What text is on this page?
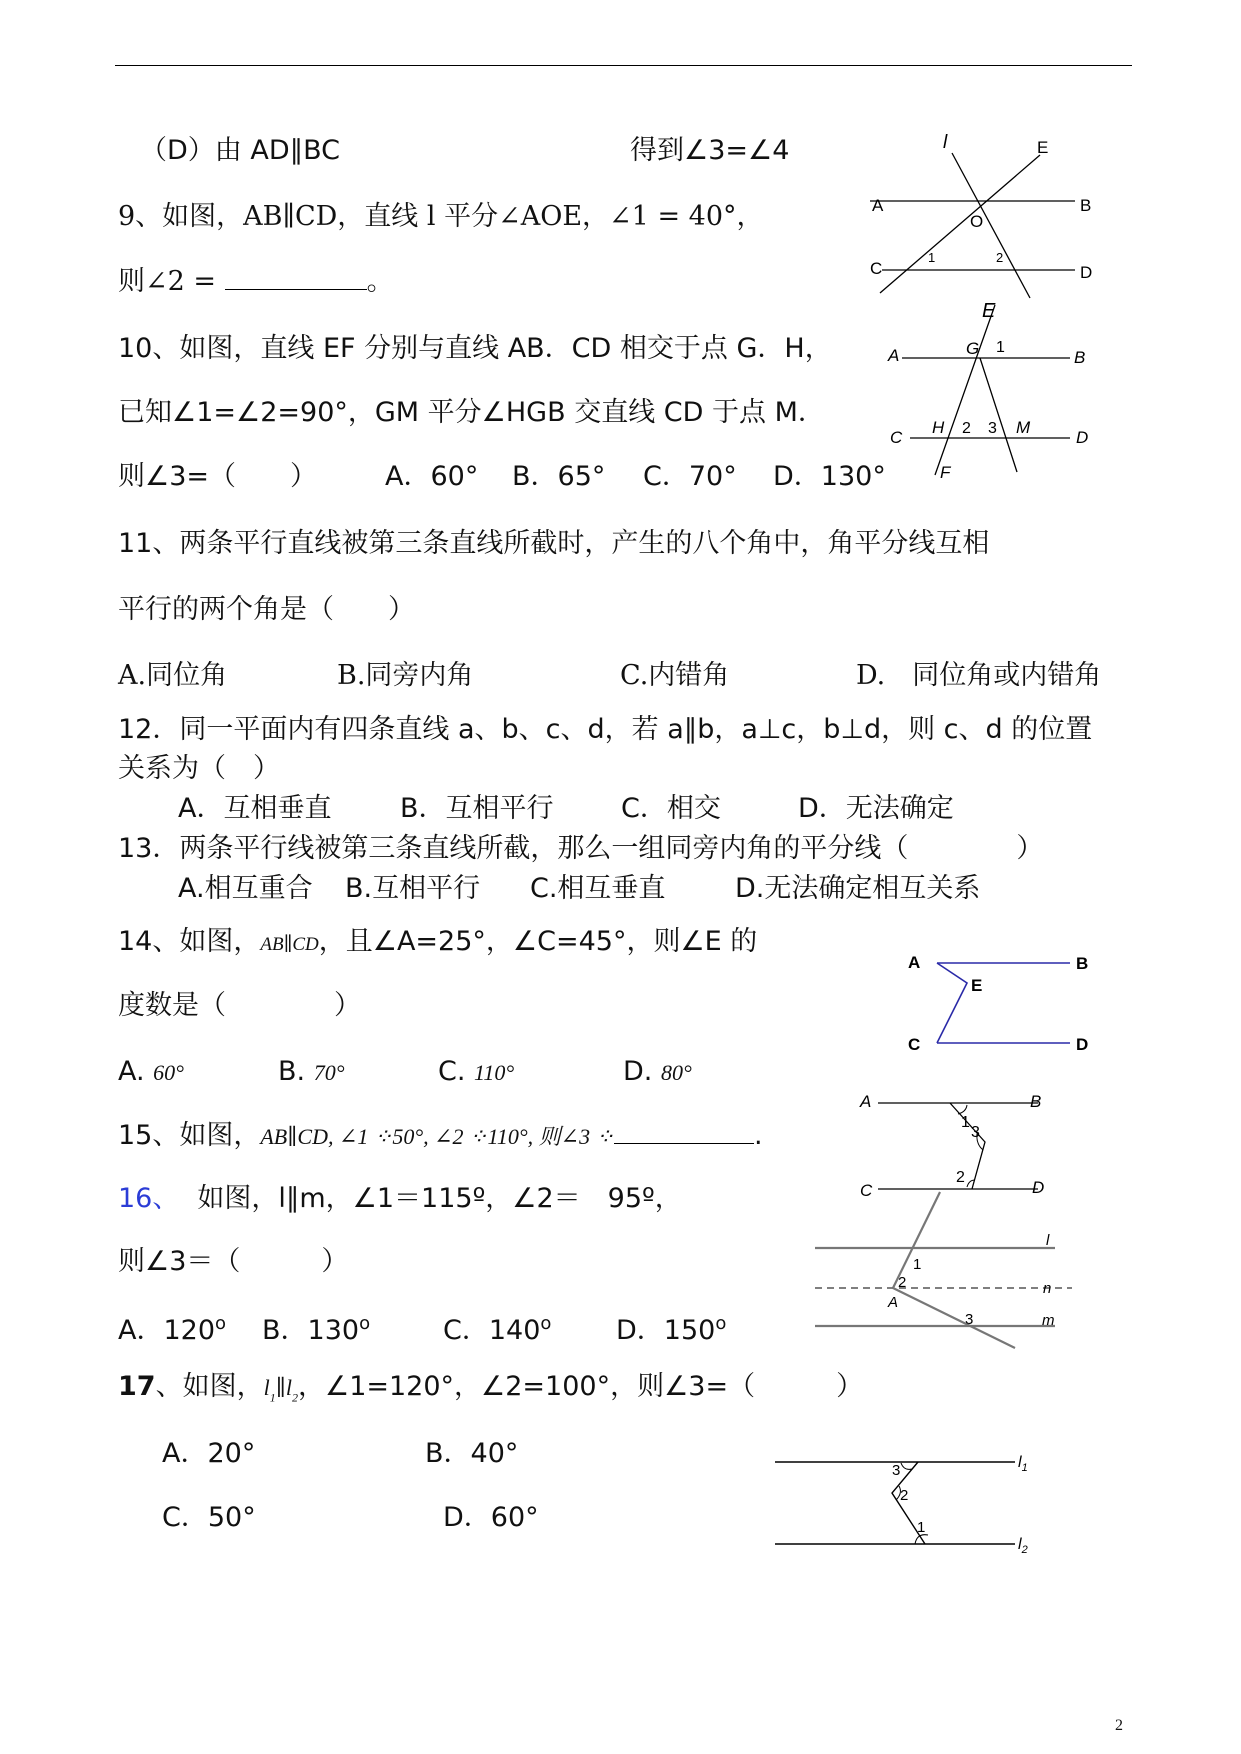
（D）由 AD∥BC	得到∠3=∠4
9、如图，AB∥CD，直线 l 平分∠AOE，∠1 = 40°，
则∠2 =	。
l	E
A	B
O
C
1	2
D
10、如图，直线 EF 分别与直线 AB．CD 相交于点 G．H，
已知∠1=∠2=90°，GM 平分∠HGB 交直线 CD 于点 M．
则∠3=（　　）	A．60° B．65° C．70° D．130°
E
A	G 1
B
C
H 2 3 M
D
F
11、两条平行直线被第三条直线所截时，产生的八个角中，角平分线互相
平行的两个角是（　　）
A.同位角	B.同旁内角	C.内错角	D.　同位角或内错角
12．同一平面内有四条直线 a、b、c、d，若 a∥b，a⊥c，b⊥d，则 c、d 的位置
关系为（　）
A．互相垂直	B．互相平行 C．相交	D．无法确定
13．两条平行线被第三条直线所截，那么一组同旁内角的平分线（　　　　）
A.相互重合 B.互相平行 C.相互垂直	D.无法确定相互关系
14、如图，AB∥CD，且∠A=25°，∠C=45°，则∠E 的
度数是（　　　　）
A. 60°	B. 70°	C. 110°	D. 80°
A	B
E
C	D
15、如图，AB∥CD, ∠1 ⁘50°, ∠2 ⁘110°, 则∠3 ⁘	.
A	B
1
3
2
C	D
16、 如图，l∥m，∠1＝115º，∠2＝　95º，
则∠3＝（　　　）
A．120$^o$ B．130$^o$	C．140$^o$ D．150$^o$
l
1
2
A
n
3	m
17、如图，$l_1\parallel l_2$，∠1=120°，∠2=100°，则∠3=（　　　）
A．20°	B．40°
C．50°	D．60°
3
2
1
$l_1$
$l_2$
2
